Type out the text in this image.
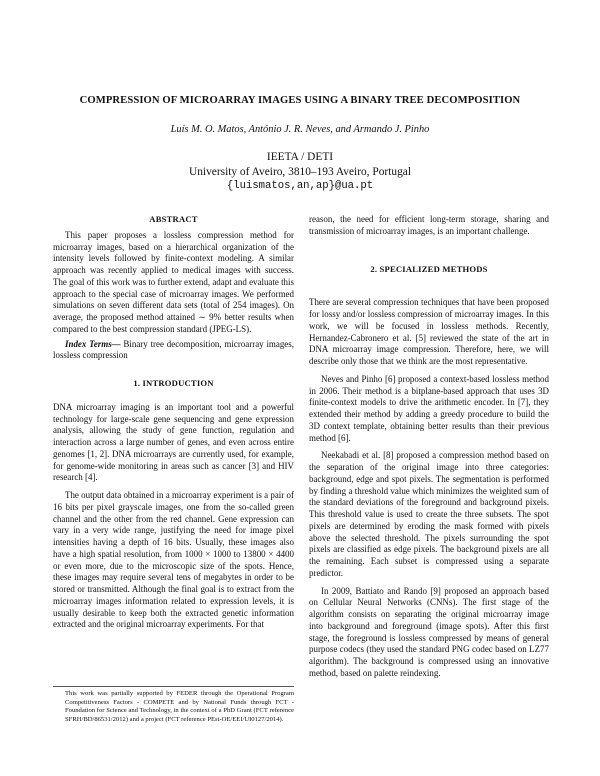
COMPRESSION OF MICROARRAY IMAGES USING A BINARY TREE DECOMPOSITION
Luís M. O. Matos, António J. R. Neves, and Armando J. Pinho
IEETA / DETI
University of Aveiro, 3810–193 Aveiro, Portugal
{luismatos,an,ap}@ua.pt

ABSTRACT

This paper proposes a lossless compression method for microarray images, based on a hierarchical organization of the intensity levels followed by finite-context modeling. A similar approach was recently applied to medical images with success. The goal of this work was to further extend, adapt and evaluate this approach to the special case of microarray images. We performed simulations on seven different data sets (total of 254 images). On average, the proposed method attained ∼ 9% better results when compared to the best compression standard (JPEG-LS).

Index Terms— Binary tree decomposition, microarray images, lossless compression

1. INTRODUCTION

DNA microarray imaging is an important tool and a powerful technology for large-scale gene sequencing and gene expression analysis, allowing the study of gene function, regulation and interaction across a large number of genes, and even across entire genomes [1, 2]. DNA microarrays are currently used, for example, for genome-wide monitoring in areas such as cancer [3] and HIV research [4].

The output data obtained in a microarray experiment is a pair of 16 bits per pixel grayscale images, one from the so-called green channel and the other from the red channel. Gene expression can vary in a very wide range, justifying the need for image pixel intensities having a depth of 16 bits. Usually, these images also have a high spatial resolution, from 1000 × 1000 to 13800 × 4400 or even more, due to the microscopic size of the spots. Hence, these images may require several tens of megabytes in order to be stored or transmitted. Although the final goal is to extract from the microarray images information related to expression levels, it is usually desirable to keep both the extracted genetic information extracted and the original microarray experiments. For that

This work was partially supported by FEDER through the Operational Program Competitiveness Factors - COMPETE and by National Funds through FCT - Foundation for Science and Technology, in the context of a PhD Grant (FCT reference SFRH/BD/86531/2012) and a project (FCT reference PEst-OE/EEI/UI0127/2014).

reason, the need for efficient long-term storage, sharing and transmission of microarray images, is an important challenge.

2. SPECIALIZED METHODS

There are several compression techniques that have been proposed for lossy and/or lossless compression of microarray images. In this work, we will be focused in lossless methods. Recently, Hernandez-Cabronero et al. [5] reviewed the state of the art in DNA microarray image compression. Therefore, here, we will describe only those that we think are the most representative.

Neves and Pinho [6] proposed a context-based lossless method in 2006. Their method is a bitplane-based approach that uses 3D finite-context models to drive the arithmetic encoder. In [7], they extended their method by adding a greedy procedure to build the 3D context template, obtaining better results than their previous method [6].

Neekabadi et al. [8] proposed a compression method based on the separation of the original image into three categories: background, edge and spot pixels. The segmentation is performed by finding a threshold value which minimizes the weighted sum of the standard deviations of the foreground and background pixels. This threshold value is used to create the three subsets. The spot pixels are determined by eroding the mask formed with pixels above the selected threshold. The pixels surrounding the spot pixels are classified as edge pixels. The background pixels are all the remaining. Each subset is compressed using a separate predictor.

In 2009, Battiato and Rando [9] proposed an approach based on Cellular Neural Networks (CNNs). The first stage of the algorithm consists on separating the original microarray image into background and foreground (image spots). After this first stage, the foreground is lossless compressed by means of general purpose codecs (they used the standard PNG codec based on LZ77 algorithm). The background is compressed using an innovative method, based on palette reindexing.
